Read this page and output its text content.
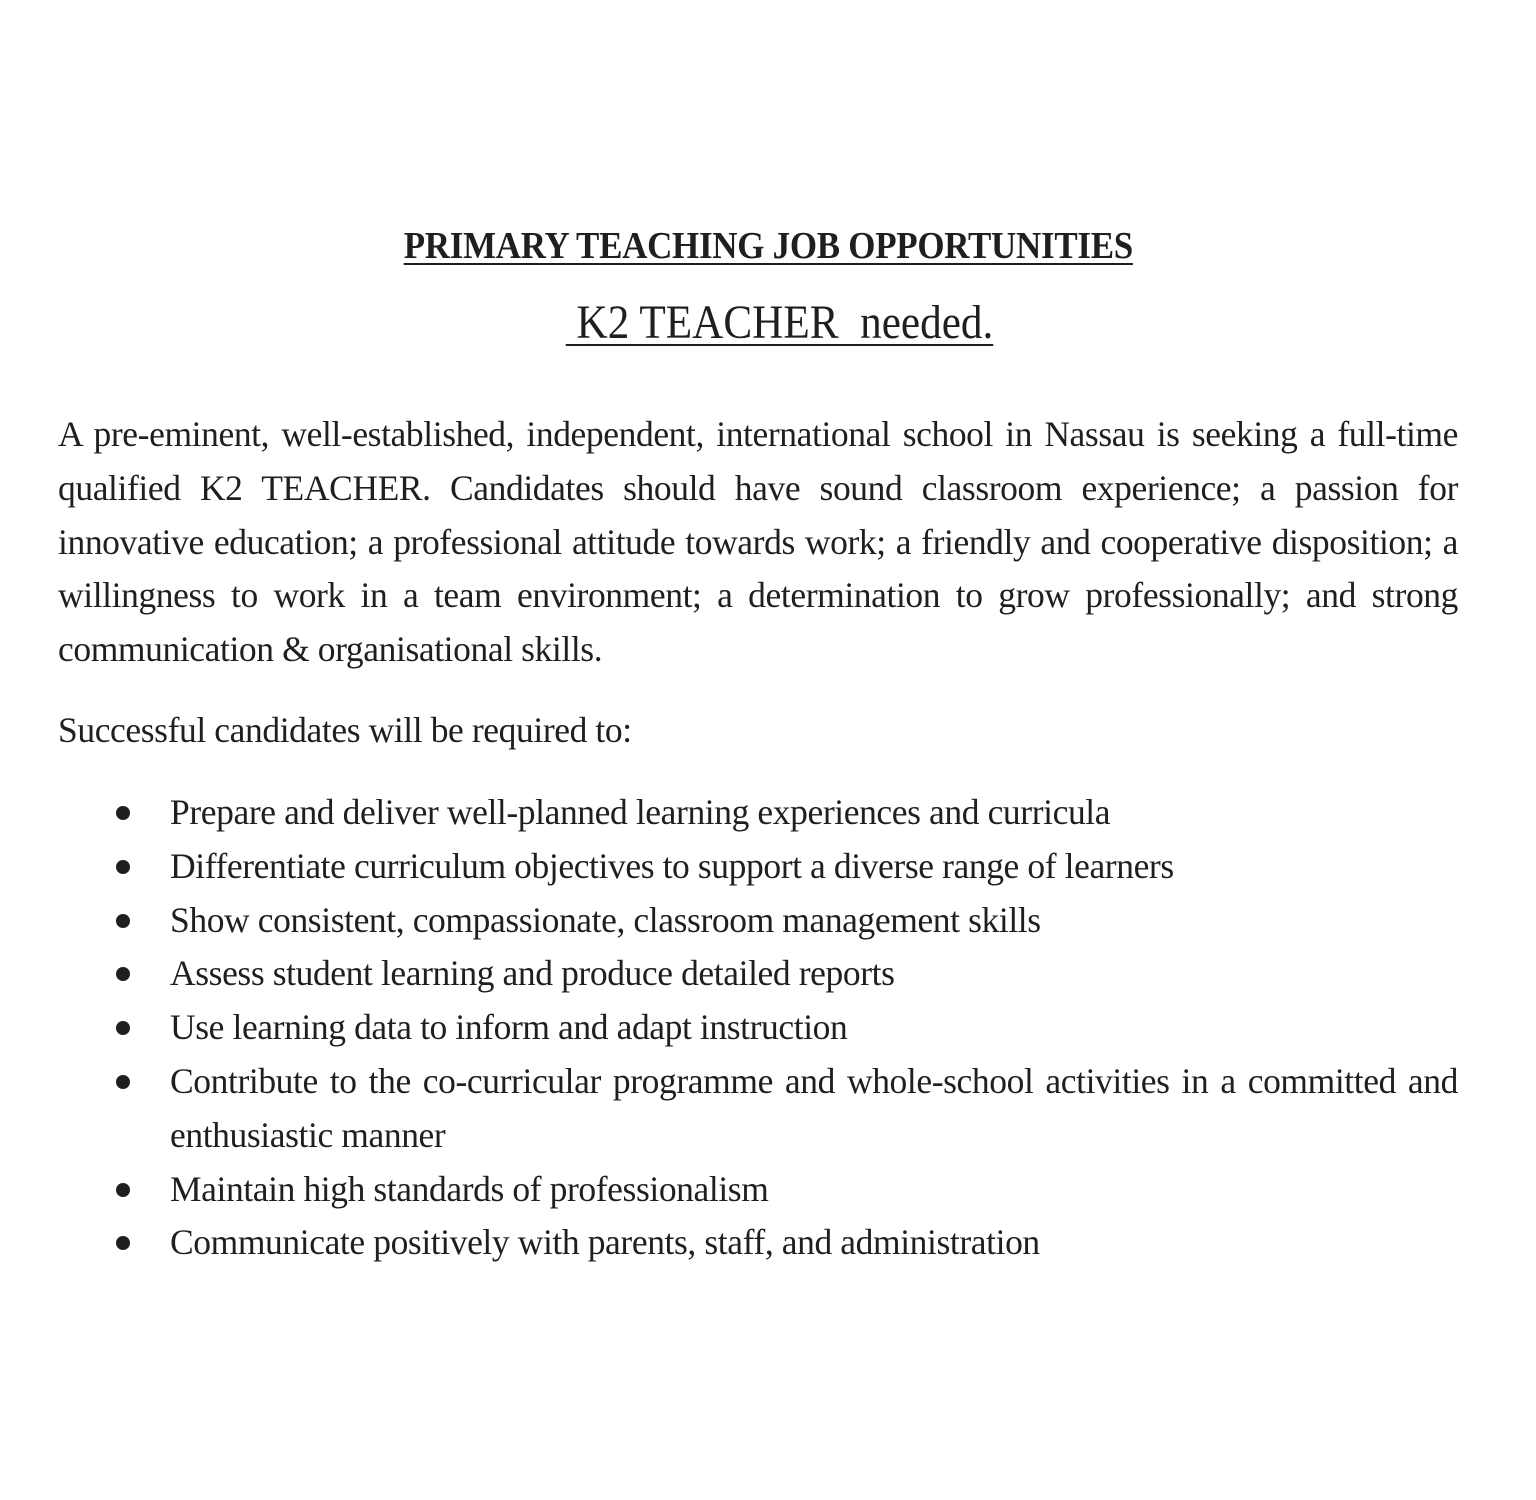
PRIMARY TEACHING JOB OPPORTUNITIES
K2 TEACHER  needed.

A pre-eminent, well-established, independent, international school in Nassau is seeking a full-time qualified K2 TEACHER. Candidates should have sound classroom experience; a passion for innovative education; a professional attitude towards work; a friendly and cooperative disposition; a willingness to work in a team environment; a determination to grow professionally; and strong communication & organisational skills.

Successful candidates will be required to:

Prepare and deliver well-planned learning experiences and curricula
Differentiate curriculum objectives to support a diverse range of learners
Show consistent, compassionate, classroom management skills
Assess student learning and produce detailed reports
Use learning data to inform and adapt instruction
Contribute to the co-curricular programme and whole-school activities in a committed and enthusiastic manner
Maintain high standards of professionalism
Communicate positively with parents, staff, and administration
